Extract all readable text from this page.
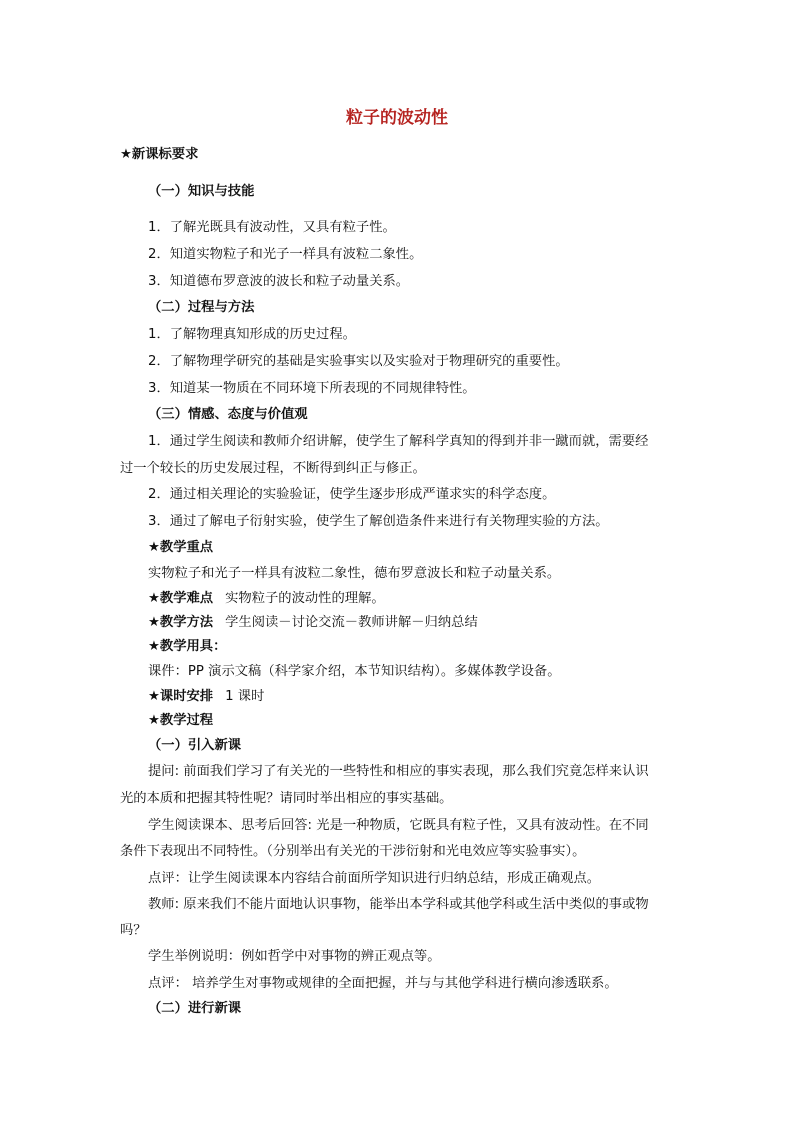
粒子的波动性
★新课标要求
（一）知识与技能
1．了解光既具有波动性，又具有粒子性。
2．知道实物粒子和光子一样具有波粒二象性。
3．知道德布罗意波的波长和粒子动量关系。
（二）过程与方法
1．了解物理真知形成的历史过程。
2．了解物理学研究的基础是实验事实以及实验对于物理研究的重要性。
3．知道某一物质在不同环境下所表现的不同规律特性。
（三）情感、态度与价值观
1．通过学生阅读和教师介绍讲解，使学生了解科学真知的得到并非一蹴而就，需要经
过一个较长的历史发展过程，不断得到纠正与修正。
2．通过相关理论的实验验证，使学生逐步形成严谨求实的科学态度。
3．通过了解电子衍射实验，使学生了解创造条件来进行有关物理实验的方法。
★教学重点
实物粒子和光子一样具有波粒二象性，德布罗意波长和粒子动量关系。
★教学难点 实物粒子的波动性的理解。
★教学方法 学生阅读－讨论交流－教师讲解－归纳总结
★教学用具：
课件：PP 演示文稿（科学家介绍，本节知识结构）。多媒体教学设备。
★课时安排 1 课时
★教学过程
（一）引入新课
提问: 前面我们学习了有关光的一些特性和相应的事实表现，那么我们究竟怎样来认识
光的本质和把握其特性呢？请同时举出相应的事实基础。
学生阅读课本、思考后回答: 光是一种物质，它既具有粒子性，又具有波动性。在不同
条件下表现出不同特性。（分别举出有关光的干涉衍射和光电效应等实验事实）。
点评：让学生阅读课本内容结合前面所学知识进行归纳总结，形成正确观点。
教师: 原来我们不能片面地认识事物，能举出本学科或其他学科或生活中类似的事或物
吗？
学生举例说明：例如哲学中对事物的辨正观点等。
点评： 培养学生对事物或规律的全面把握，并与与其他学科进行横向渗透联系。
（二）进行新课
